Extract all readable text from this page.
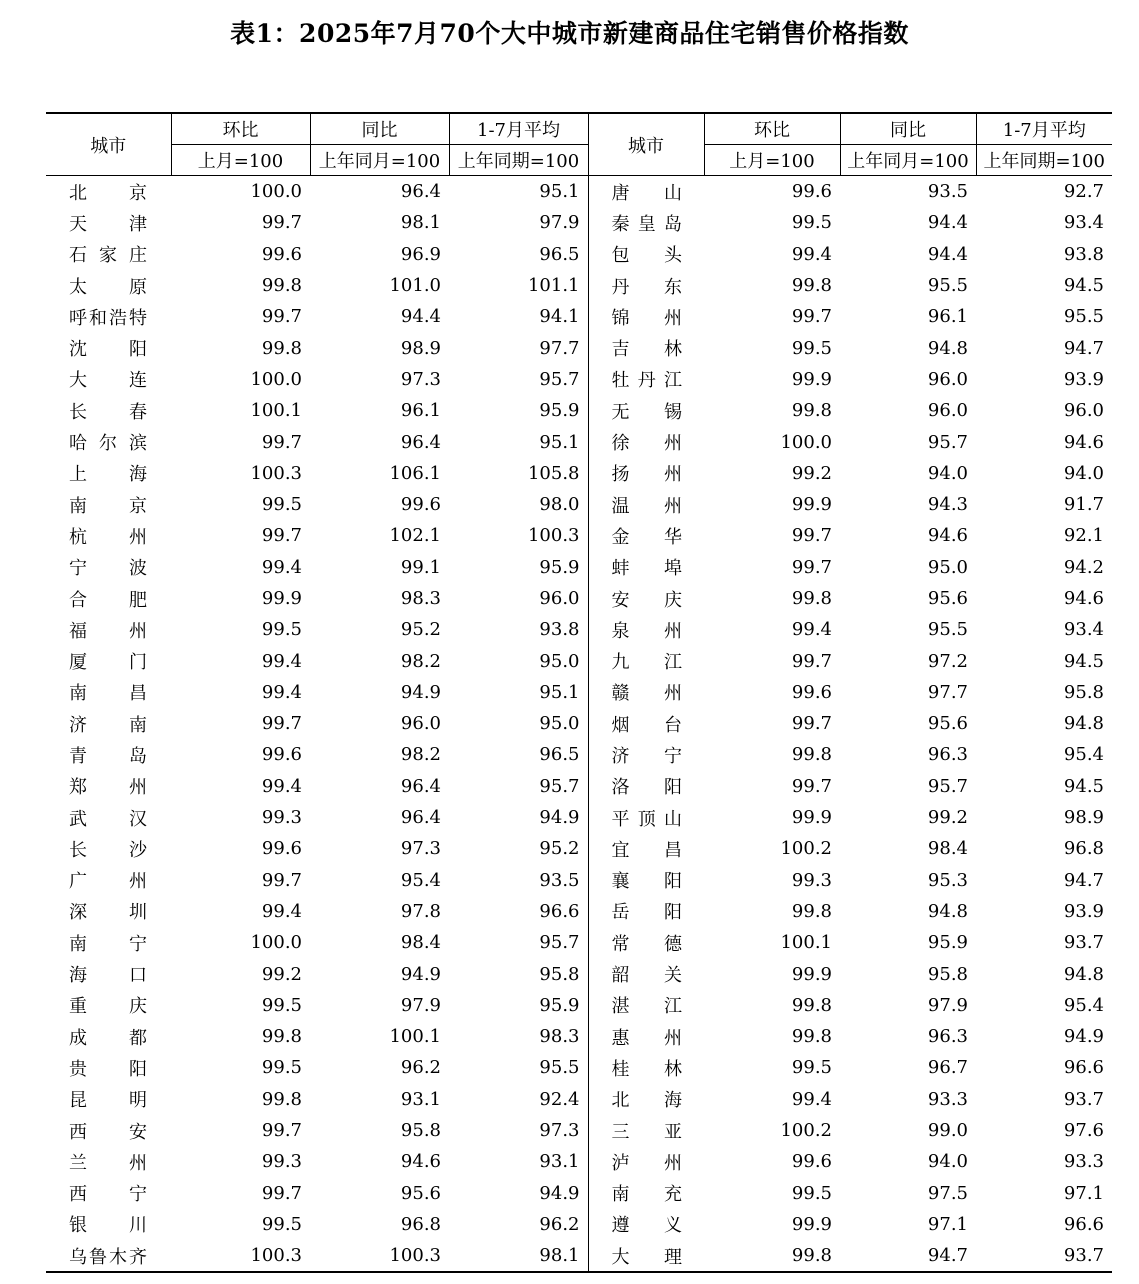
表1：2025年7月70个大中城市新建商品住宅销售价格指数
城市	环比	同比	1-7月平均	城市	环比	同比	1-7月平均
	上月=100	上年同月=100	上年同期=100		上月=100	上年同月=100	上年同期=100
北京	100.0	96.4	95.1	唐山	99.6	93.5	92.7
天津	99.7	98.1	97.9	秦皇岛	99.5	94.4	93.4
石家庄	99.6	96.9	96.5	包头	99.4	94.4	93.8
太原	99.8	101.0	101.1	丹东	99.8	95.5	94.5
呼和浩特	99.7	94.4	94.1	锦州	99.7	96.1	95.5
沈阳	99.8	98.9	97.7	吉林	99.5	94.8	94.7
大连	100.0	97.3	95.7	牡丹江	99.9	96.0	93.9
长春	100.1	96.1	95.9	无锡	99.8	96.0	96.0
哈尔滨	99.7	96.4	95.1	徐州	100.0	95.7	94.6
上海	100.3	106.1	105.8	扬州	99.2	94.0	94.0
南京	99.5	99.6	98.0	温州	99.9	94.3	91.7
杭州	99.7	102.1	100.3	金华	99.7	94.6	92.1
宁波	99.4	99.1	95.9	蚌埠	99.7	95.0	94.2
合肥	99.9	98.3	96.0	安庆	99.8	95.6	94.6
福州	99.5	95.2	93.8	泉州	99.4	95.5	93.4
厦门	99.4	98.2	95.0	九江	99.7	97.2	94.5
南昌	99.4	94.9	95.1	赣州	99.6	97.7	95.8
济南	99.7	96.0	95.0	烟台	99.7	95.6	94.8
青岛	99.6	98.2	96.5	济宁	99.8	96.3	95.4
郑州	99.4	96.4	95.7	洛阳	99.7	95.7	94.5
武汉	99.3	96.4	94.9	平顶山	99.9	99.2	98.9
长沙	99.6	97.3	95.2	宜昌	100.2	98.4	96.8
广州	99.7	95.4	93.5	襄阳	99.3	95.3	94.7
深圳	99.4	97.8	96.6	岳阳	99.8	94.8	93.9
南宁	100.0	98.4	95.7	常德	100.1	95.9	93.7
海口	99.2	94.9	95.8	韶关	99.9	95.8	94.8
重庆	99.5	97.9	95.9	湛江	99.8	97.9	95.4
成都	99.8	100.1	98.3	惠州	99.8	96.3	94.9
贵阳	99.5	96.2	95.5	桂林	99.5	96.7	96.6
昆明	99.8	93.1	92.4	北海	99.4	93.3	93.7
西安	99.7	95.8	97.3	三亚	100.2	99.0	97.6
兰州	99.3	94.6	93.1	泸州	99.6	94.0	93.3
西宁	99.7	95.6	94.9	南充	99.5	97.5	97.1
银川	99.5	96.8	96.2	遵义	99.9	97.1	96.6
乌鲁木齐	100.3	100.3	98.1	大理	99.8	94.7	93.7
